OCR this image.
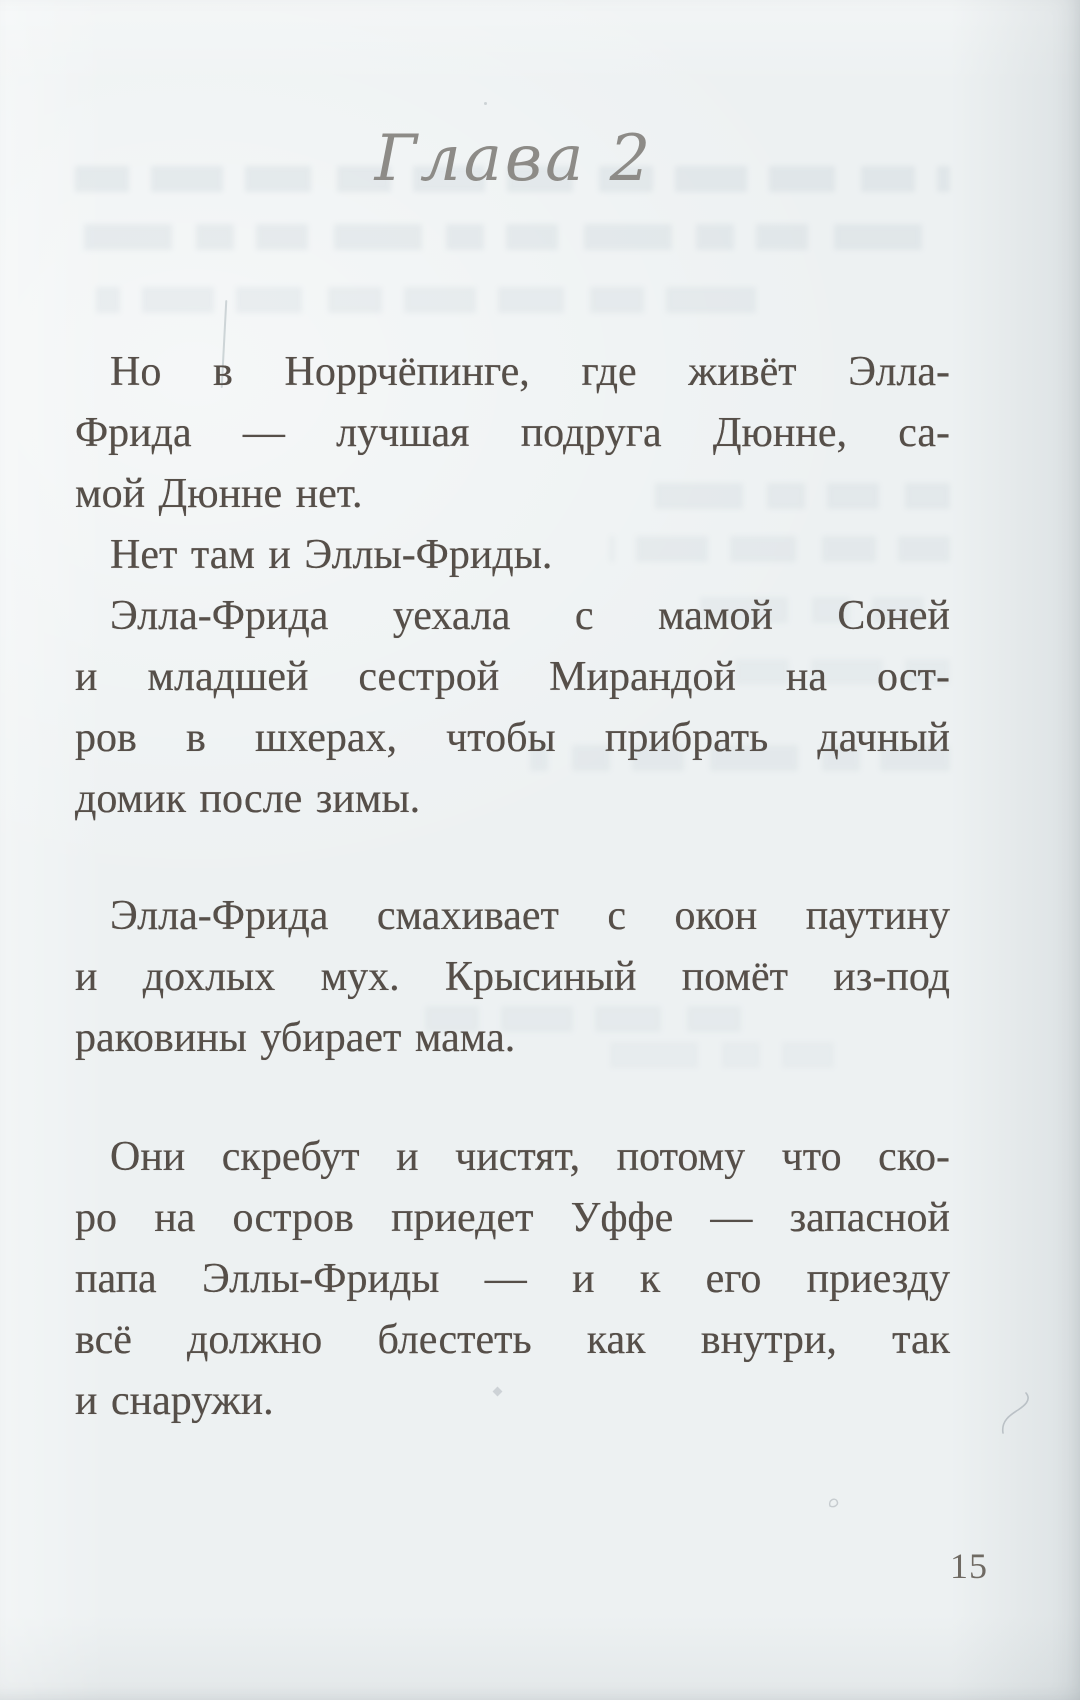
Глава 2
Но в Норрчёпинге, где живёт Элла-
Фрида — лучшая подруга Дюнне, са-
мой Дюнне нет.
Нет там и Эллы-Фриды.
Элла-Фрида уехала с мамой Соней
и младшей сестрой Мирандой на ост-
ров в шхерах, чтобы прибрать дачный
домик после зимы.
Элла-Фрида смахивает с окон паутину
и дохлых мух. Крысиный помёт из-под
раковины убирает мама.
Они скребут и чистят, потому что ско-
ро на остров приедет Уффе — запасной
папа Эллы-Фриды — и к его приезду
всё должно блестеть как внутри, так
и снаружи.
15
